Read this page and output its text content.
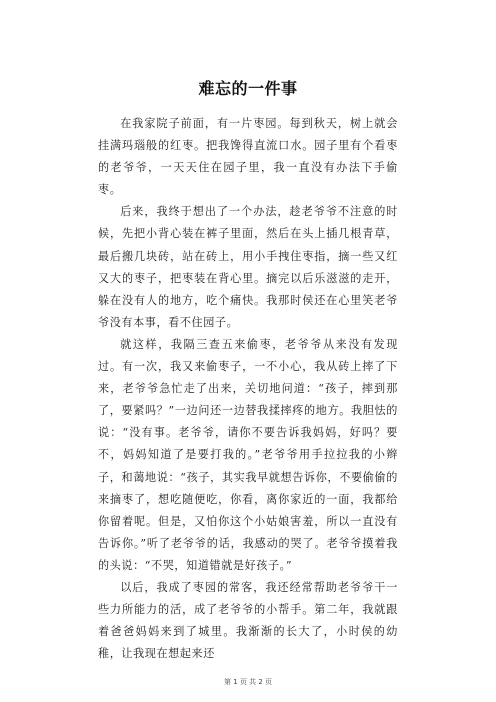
难忘的一件事

在我家院子前面，有一片枣园。每到秋天，树上就会挂满玛瑙般的红枣。把我馋得直流口水。园子里有个看枣的老爷爷，一天天住在园子里，我一直没有办法下手偷枣。

后来，我终于想出了一个办法，趁老爷爷不注意的时候，先把小背心装在裤子里面，然后在头上插几根青草，最后搬几块砖，站在砖上，用小手拽住枣指，摘一些又红又大的枣子，把枣装在背心里。摘完以后乐滋滋的走开，躲在没有人的地方，吃个痛快。我那时侯还在心里笑老爷爷没有本事，看不住园子。

就这样，我隔三查五来偷枣，老爷爷从来没有发现过。有一次，我又来偷枣子，一不小心，我从砖上摔了下来，老爷爷急忙走了出来，关切地问道：“孩子，摔到那了，要紧吗？”一边问还一边替我揉摔疼的地方。我胆怯的说：“没有事。老爷爷，请你不要告诉我妈妈，好吗？要不，妈妈知道了是要打我的。”老爷爷用手拉拉我的小辫子，和蔼地说：“孩子，其实我早就想告诉你，不要偷偷的来摘枣了，想吃随便吃，你看，离你家近的一面，我都给你留着呢。但是，又怕你这个小姑娘害羞，所以一直没有告诉你。”听了老爷爷的话，我感动的哭了。老爷爷摸着我的头说：“不哭，知道错就是好孩子。”

以后，我成了枣园的常客，我还经常帮助老爷爷干一些力所能力的活，成了老爷爷的小帮手。第二年，我就跟着爸爸妈妈来到了城里。我渐渐的长大了，小时侯的幼稚，让我现在想起来还

第 1 页 共 2 页
